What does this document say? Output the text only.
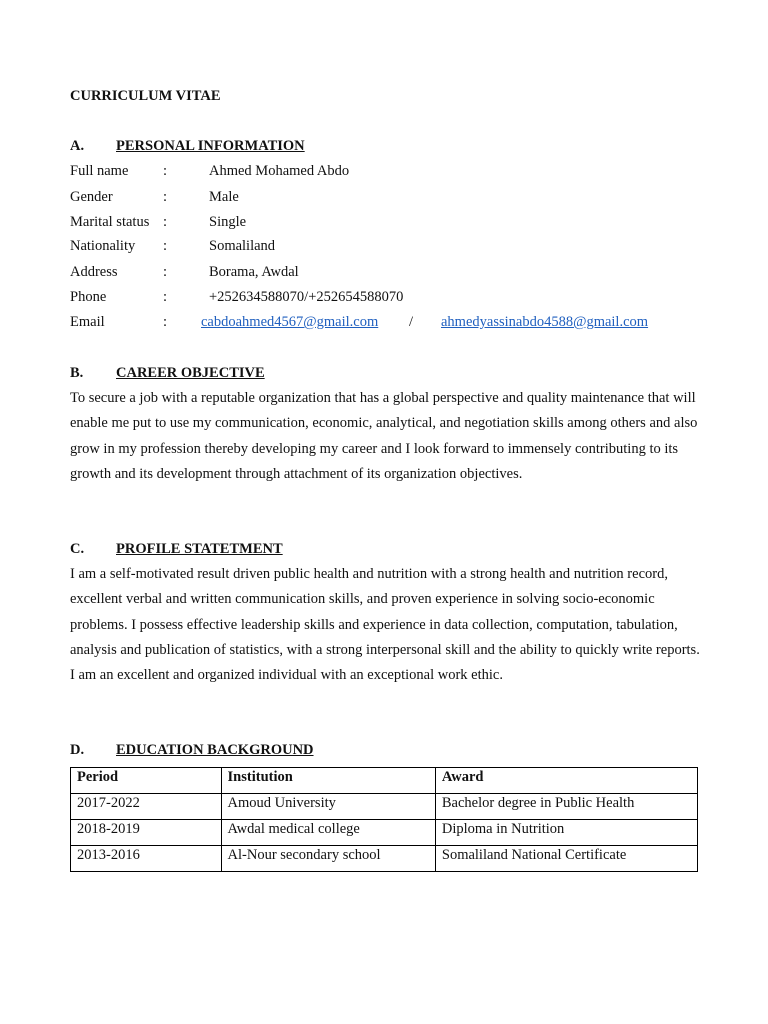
CURRICULUM VITAE
A. PERSONAL INFORMATION
Full name :	Ahmed Mohamed Abdo
Gender	:	Male
Marital status :	Single
Nationality :	Somaliland
Address	:	Borama, Awdal
Phone	:	+252634588070/+252654588070
Email	: cabdoahmed4567@gmail.com / ahmedyassinabdo4588@gmail.com
B. CAREER OBJECTIVE

To secure a job with a reputable organization that has a global perspective and quality maintenance that will enable me put to use my communication, economic, analytical, and negotiation skills among others and also grow in my profession thereby developing my career and I look forward to immensely contributing to its growth and its development through attachment of its organization objectives.

C. PROFILE STATETMENT

I am a self-motivated result driven public health and nutrition with a strong health and nutrition record, excellent verbal and written communication skills, and proven experience in solving socio-economic problems. I possess effective leadership skills and experience in data collection, computation, tabulation, analysis and publication of statistics, with a strong interpersonal skill and the ability to quickly write reports. I am an excellent and organized individual with an exceptional work ethic.

D. EDUCATION BACKGROUND
Period	Institution	Award
2017-2022	Amoud University	Bachelor degree in Public Health
2018-2019	Awdal medical college	Diploma in Nutrition
2013-2016	Al-Nour secondary school	Somaliland National Certificate
